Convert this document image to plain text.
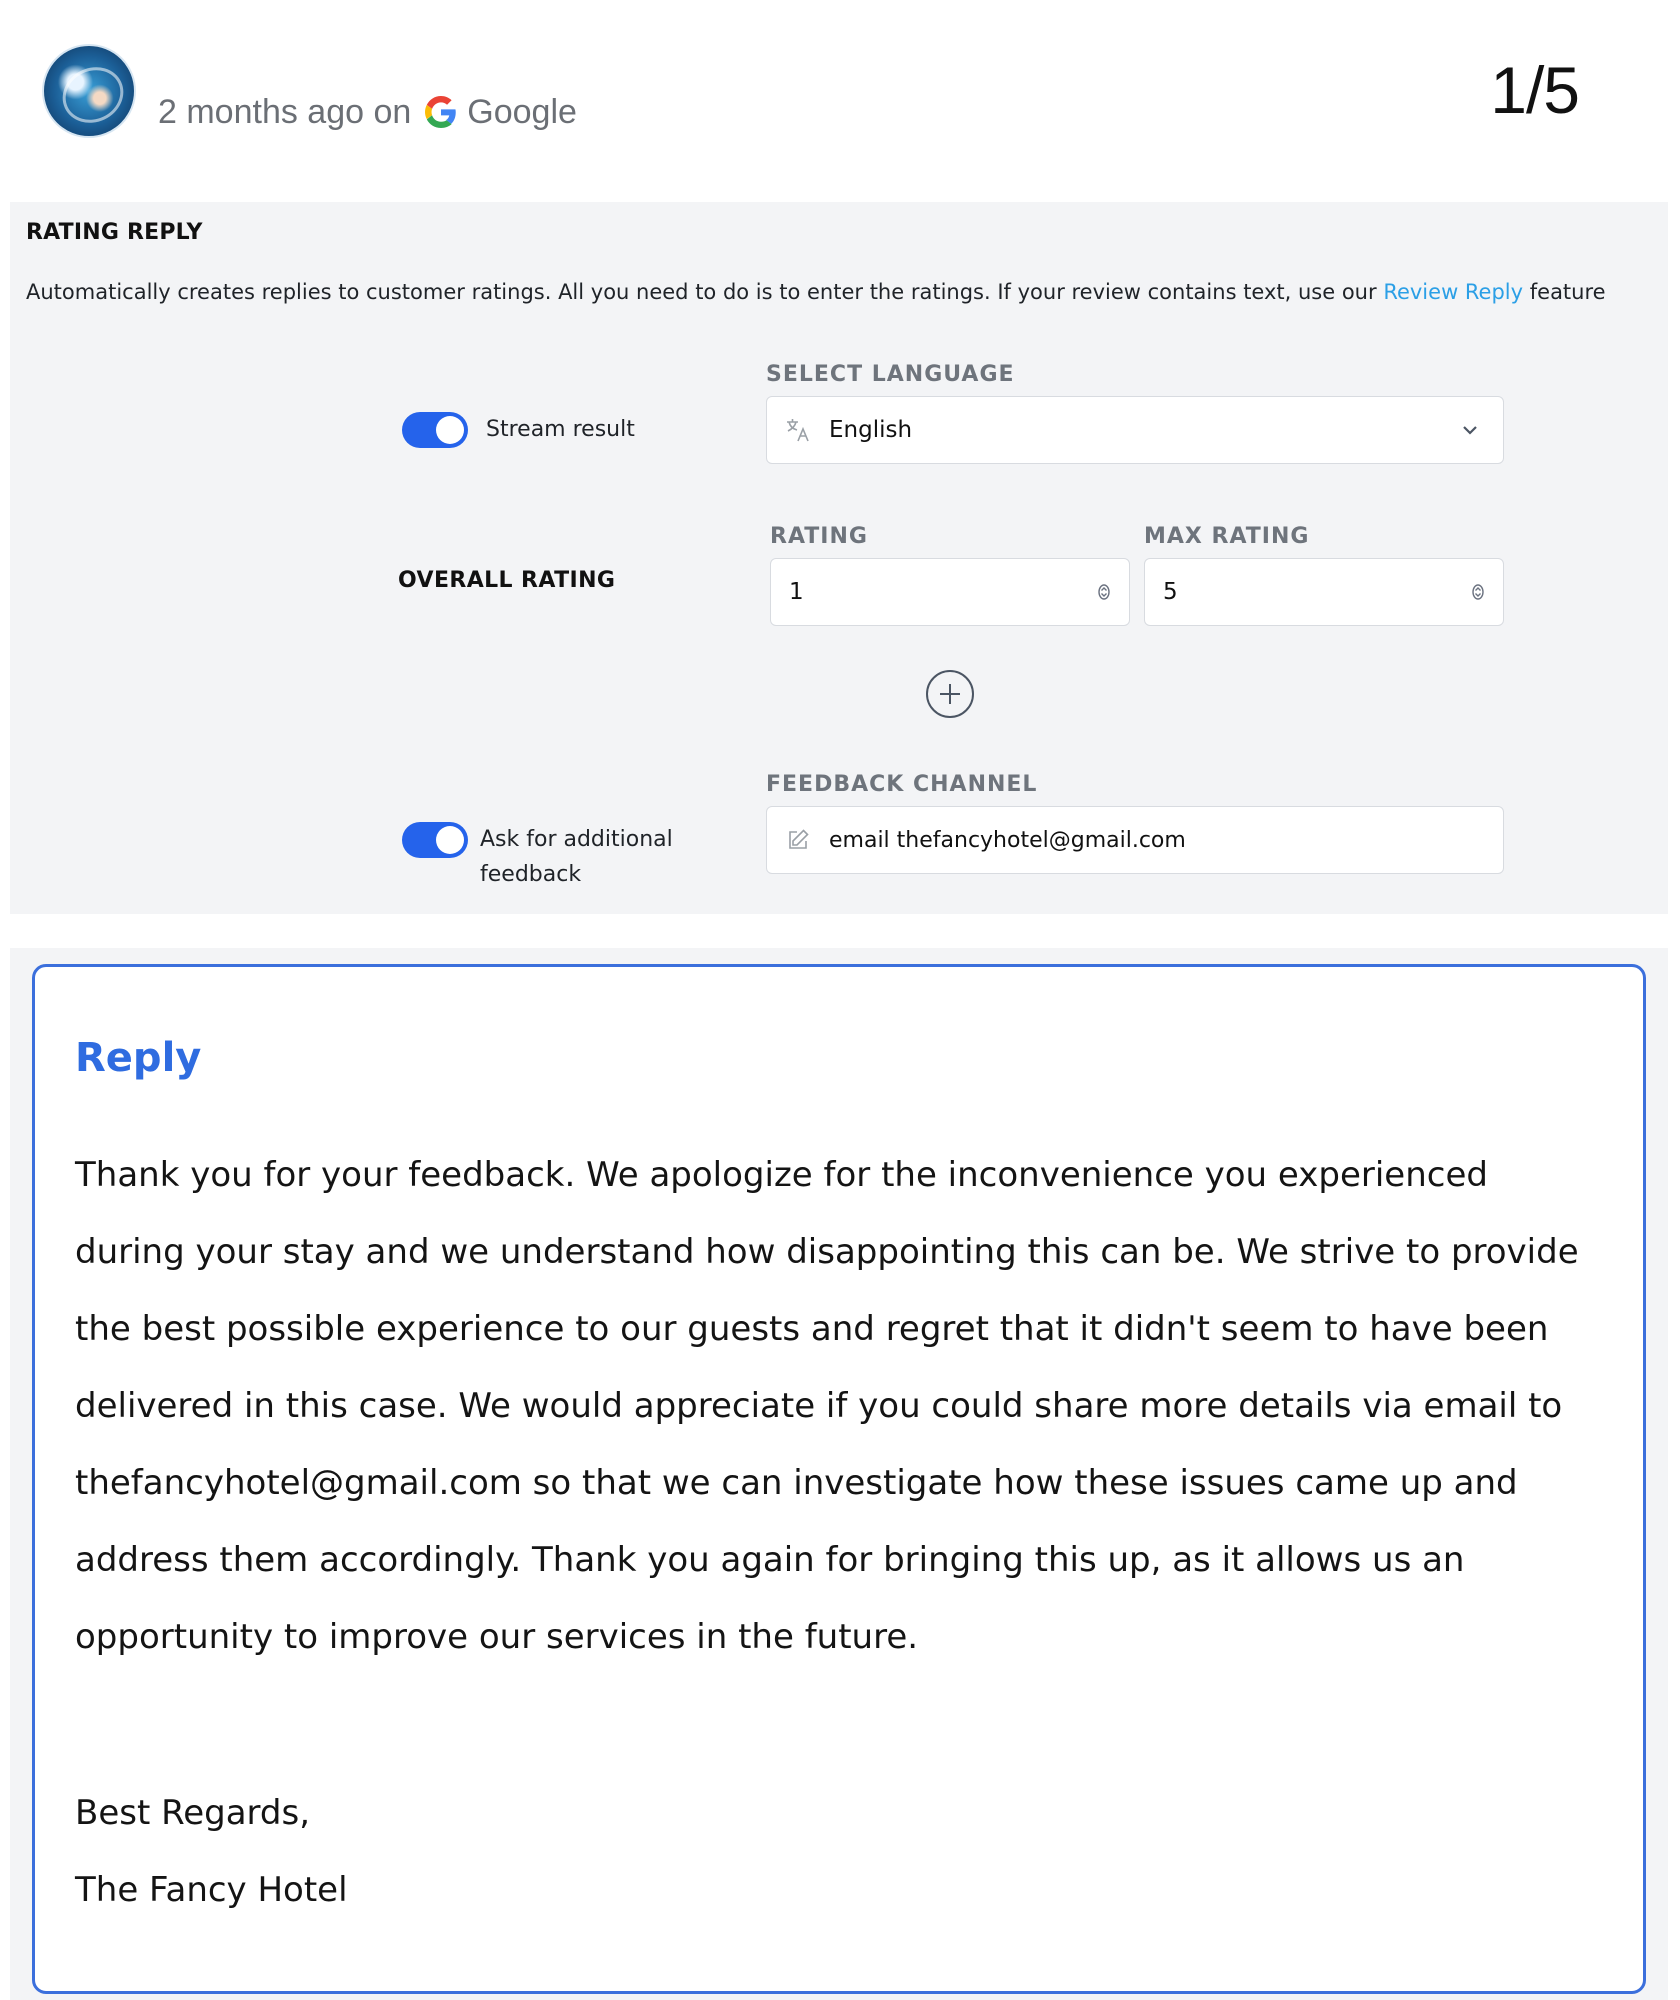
2 months ago on Google	1/5
RATING REPLY
Automatically creates replies to customer ratings. All you need to do is to enter the ratings. If your review contains text, use our Review Reply feature
Stream result
SELECT LANGUAGE
English
OVERALL RATING
RATING
1
MAX RATING
5
Ask for additional
feedback
FEEDBACK CHANNEL
email thefancyhotel@gmail.com
Reply
Thank you for your feedback. We apologize for the inconvenience you experienced
during your stay and we understand how disappointing this can be. We strive to provide
the best possible experience to our guests and regret that it didn't seem to have been
delivered in this case. We would appreciate if you could share more details via email to
thefancyhotel@gmail.com so that we can investigate how these issues came up and
address them accordingly. Thank you again for bringing this up, as it allows us an
opportunity to improve our services in the future.
Best Regards,
The Fancy Hotel
